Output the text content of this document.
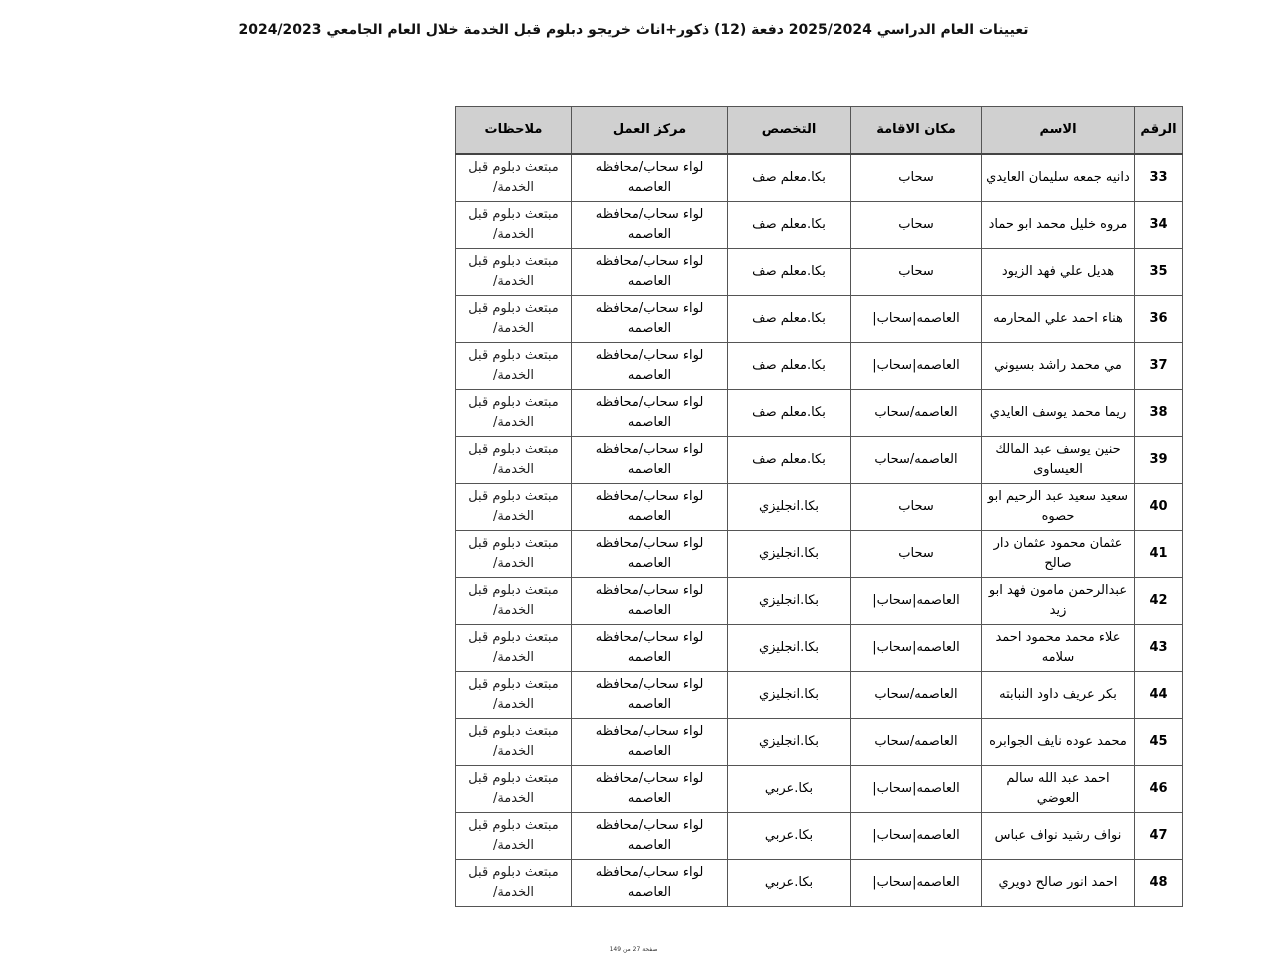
تعيينات العام الدراسي 2025/2024 دفعة (12) ذكور+اناث خريجو دبلوم قبل الخدمة خلال العام الجامعي 2024/2023
الرقم	الاسم	مكان الاقامة	التخصص	مركز العمل	ملاحظات
33	دانيه جمعه سليمان العايدي	سحاب	بكا.معلم صف	لواء سحاب/محافظه العاصمه	مبتعث دبلوم قبل الخدمة/
34	مروه خليل محمد ابو حماد	سحاب	بكا.معلم صف	لواء سحاب/محافظه العاصمه	مبتعث دبلوم قبل الخدمة/
35	هديل علي فهد الزيود	سحاب	بكا.معلم صف	لواء سحاب/محافظه العاصمه	مبتعث دبلوم قبل الخدمة/
36	هناء احمد علي المحارمه	العاصمه|سحاب|	بكا.معلم صف	لواء سحاب/محافظه العاصمه	مبتعث دبلوم قبل الخدمة/
37	مي محمد راشد بسيوني	العاصمه|سحاب|	بكا.معلم صف	لواء سحاب/محافظه العاصمه	مبتعث دبلوم قبل الخدمة/
38	ريما محمد يوسف العايدي	العاصمه/سحاب	بكا.معلم صف	لواء سحاب/محافظه العاصمه	مبتعث دبلوم قبل الخدمة/
39	حنين يوسف عبد المالك العيساوى	العاصمه/سحاب	بكا.معلم صف	لواء سحاب/محافظه العاصمه	مبتعث دبلوم قبل الخدمة/
40	سعيد سعيد عبد الرحيم ابو حصوه	سحاب	بكا.انجليزي	لواء سحاب/محافظه العاصمه	مبتعث دبلوم قبل الخدمة/
41	عثمان محمود عثمان دار صالح	سحاب	بكا.انجليزي	لواء سحاب/محافظه العاصمه	مبتعث دبلوم قبل الخدمة/
42	عبدالرحمن مامون فهد ابو زيد	العاصمه|سحاب|	بكا.انجليزي	لواء سحاب/محافظه العاصمه	مبتعث دبلوم قبل الخدمة/
43	علاء محمد محمود احمد سلامه	العاصمه|سحاب|	بكا.انجليزي	لواء سحاب/محافظه العاصمه	مبتعث دبلوم قبل الخدمة/
44	بكر عريف داود النبابته	العاصمه/سحاب	بكا.انجليزي	لواء سحاب/محافظه العاصمه	مبتعث دبلوم قبل الخدمة/
45	محمد عوده نايف الجوابره	العاصمه/سحاب	بكا.انجليزي	لواء سحاب/محافظه العاصمه	مبتعث دبلوم قبل الخدمة/
46	احمد عبد الله سالم العوضي	العاصمه|سحاب|	بكا.عربي	لواء سحاب/محافظه العاصمه	مبتعث دبلوم قبل الخدمة/
47	نواف رشيد نواف عباس	العاصمه|سحاب|	بكا.عربي	لواء سحاب/محافظه العاصمه	مبتعث دبلوم قبل الخدمة/
48	احمد انور صالح دويري	العاصمه|سحاب|	بكا.عربي	لواء سحاب/محافظه العاصمه	مبتعث دبلوم قبل الخدمة/
صفحة 27 من 149
